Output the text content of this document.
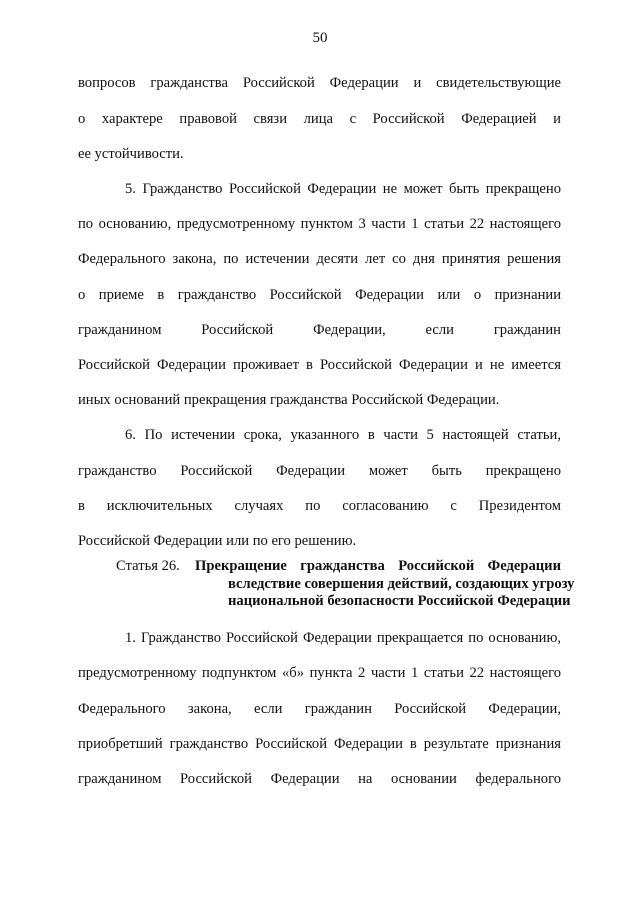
50
вопросов гражданства Российской Федерации и свидетельствующие
о характере правовой связи лица с Российской Федерацией и
ее устойчивости.
5. Гражданство Российской Федерации не может быть прекращено
по основанию, предусмотренному пунктом 3 части 1 статьи 22 настоящего
Федерального закона, по истечении десяти лет со дня принятия решения
о приеме в гражданство Российской Федерации или о признании
гражданином Российской Федерации, если гражданин
Российской Федерации проживает в Российской Федерации и не имеется
иных оснований прекращения гражданства Российской Федерации.
6. По истечении срока, указанного в части 5 настоящей статьи,
гражданство Российской Федерации может быть прекращено
в исключительных случаях по согласованию с Президентом
Российской Федерации или по его решению.
Статья 26. Прекращение гражданства Российской Федерации
вследствие совершения действий, создающих угрозу
национальной безопасности Российской Федерации
1. Гражданство Российской Федерации прекращается по основанию,
предусмотренному подпунктом «б» пункта 2 части 1 статьи 22 настоящего
Федерального закона, если гражданин Российской Федерации,
приобретший гражданство Российской Федерации в результате признания
гражданином Российской Федерации на основании федерального
